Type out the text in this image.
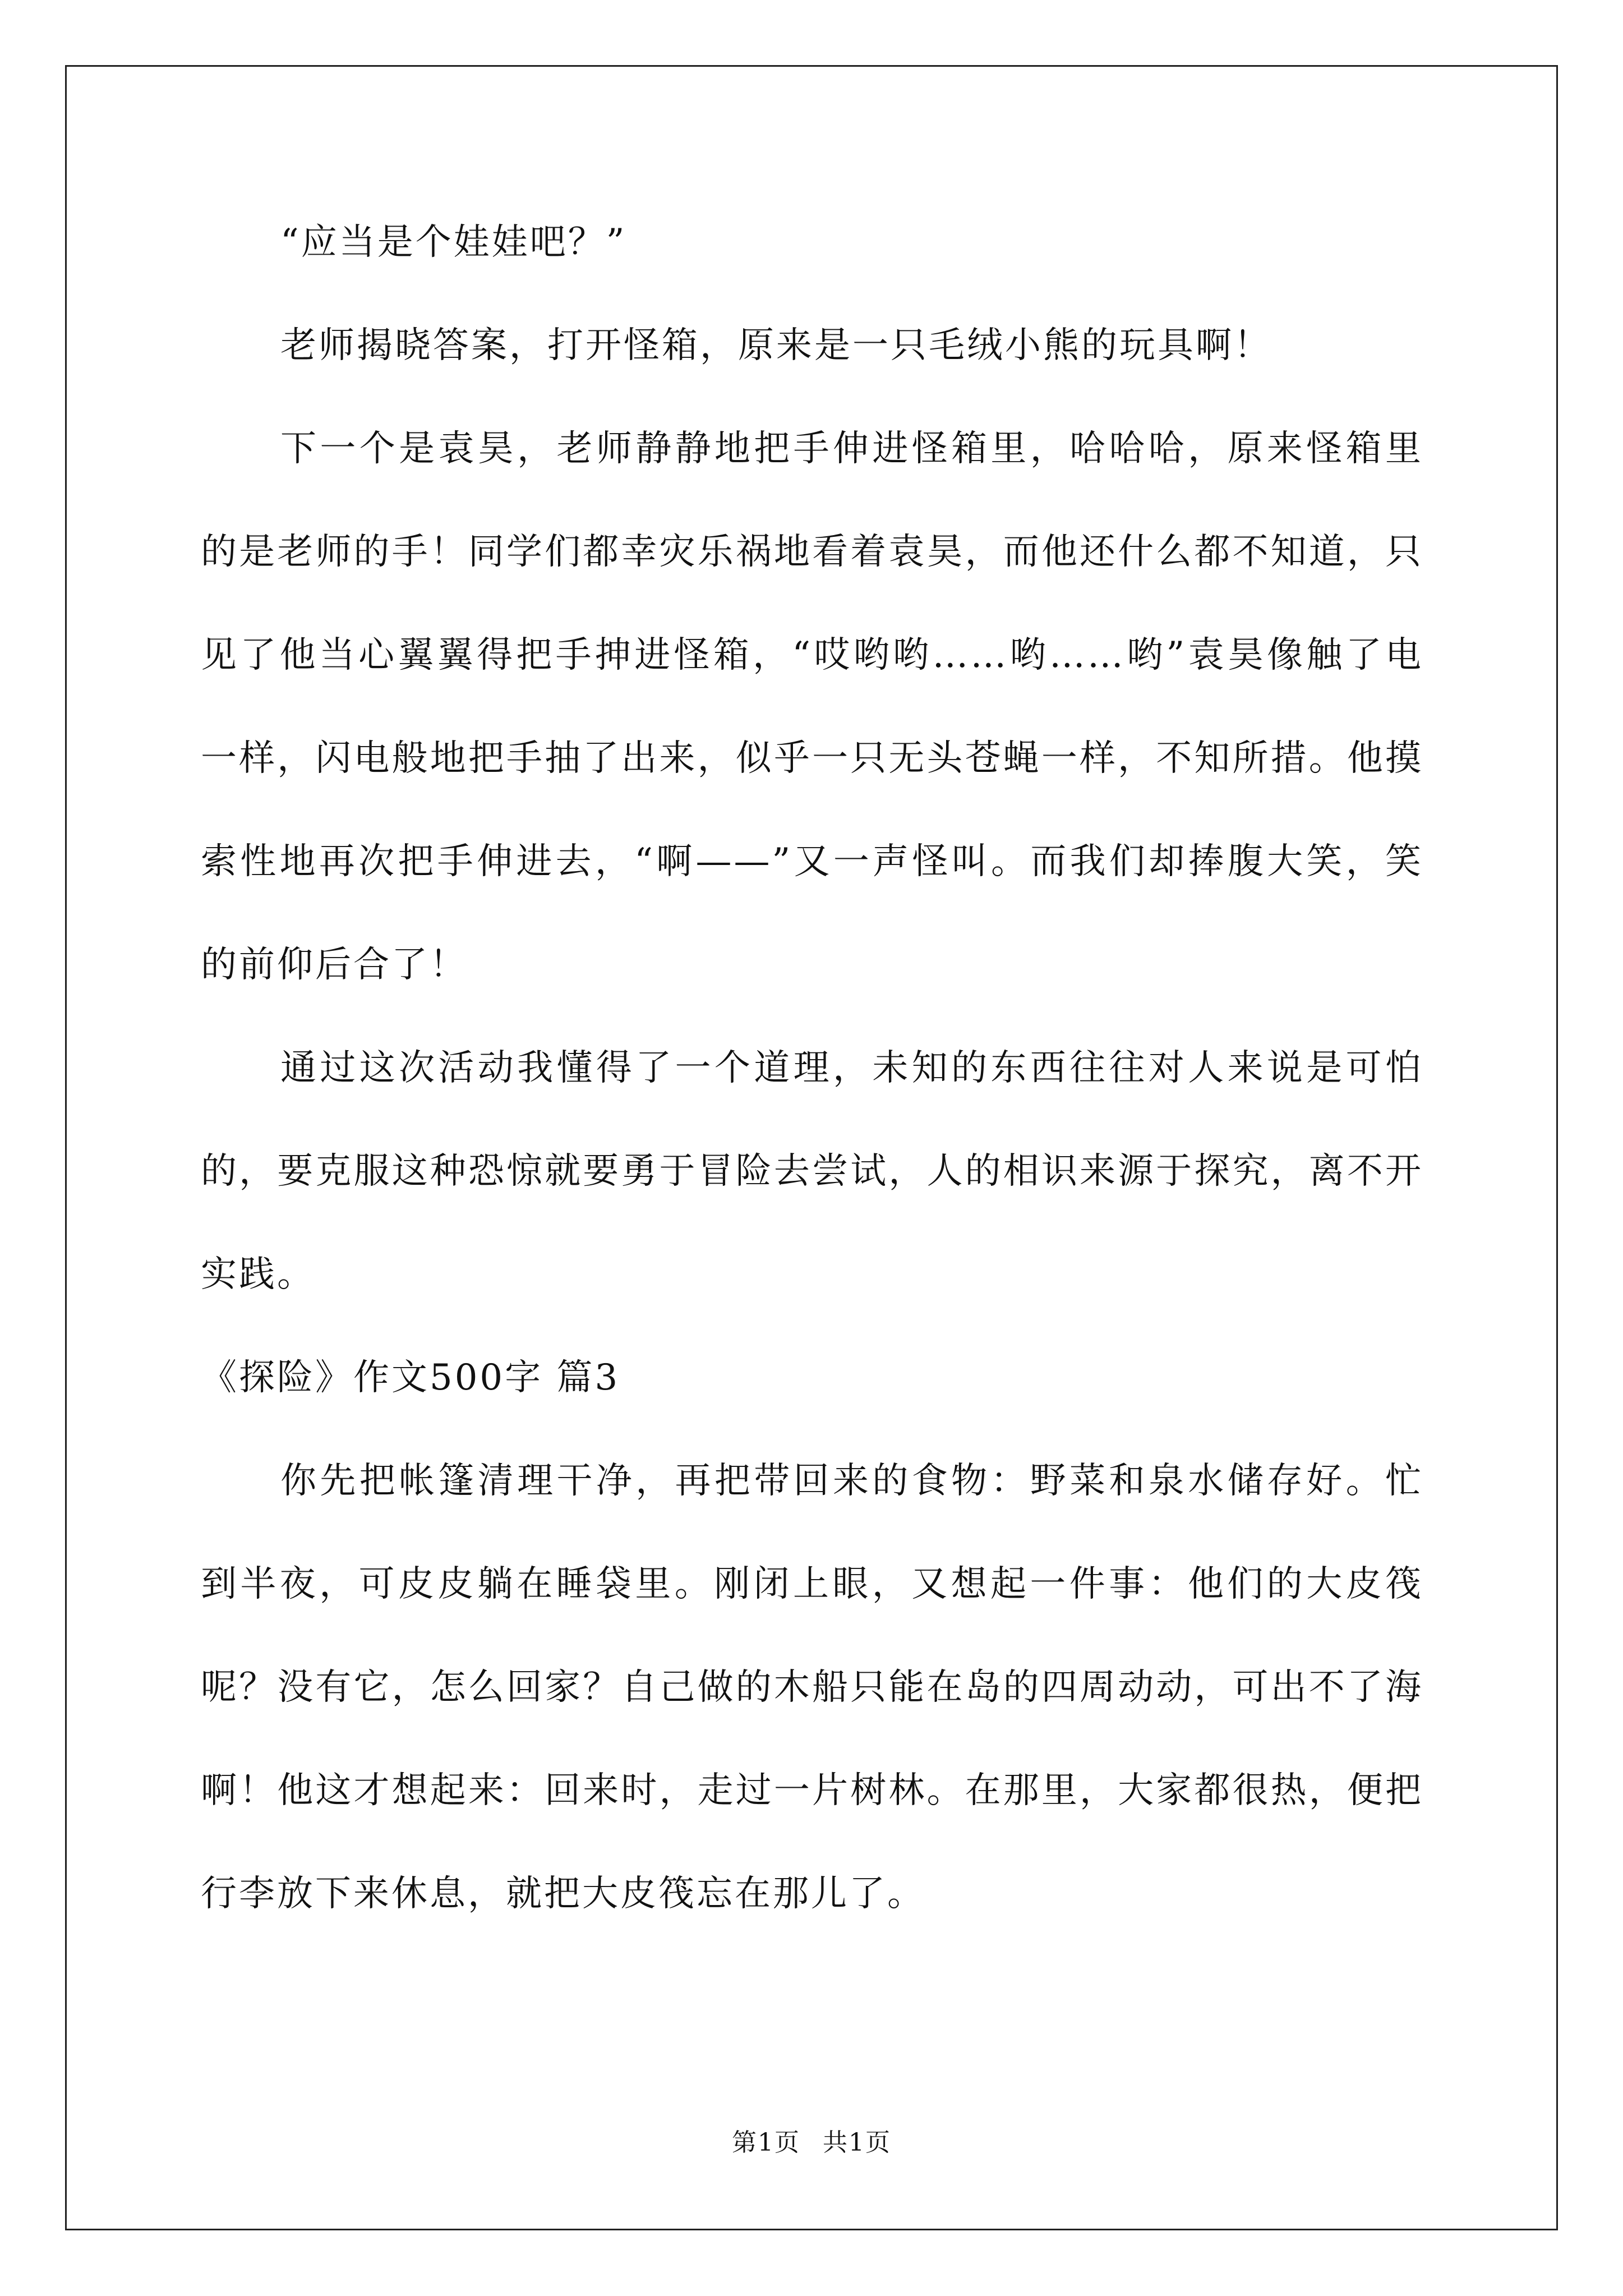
“应当是个娃娃吧？”

老师揭晓答案，打开怪箱，原来是一只毛绒小熊的玩具啊！

下一个是袁昊，老师静静地把手伸进怪箱里，哈哈哈，原来怪箱里的是老师的手！同学们都幸灾乐祸地看着袁昊，而他还什么都不知道，只见了他当心翼翼得把手抻进怪箱，“哎哟哟……哟……哟”袁昊像触了电一样，闪电般地把手抽了出来，似乎一只无头苍蝇一样，不知所措。他摸索性地再次把手伸进去，“啊——”又一声怪叫。而我们却捧腹大笑，笑的前仰后合了！

通过这次活动我懂得了一个道理，未知的东西往往对人来说是可怕的，要克服这种恐惊就要勇于冒险去尝试，人的相识来源于探究，离不开实践。

《探险》作文500字 篇3

你先把帐篷清理干净，再把带回来的食物：野菜和泉水储存好。忙到半夜，可皮皮躺在睡袋里。刚闭上眼，又想起一件事：他们的大皮筏呢？没有它，怎么回家？自己做的木船只能在岛的四周动动，可出不了海啊！他这才想起来：回来时，走过一片树林。在那里，大家都很热，便把行李放下来休息，就把大皮筏忘在那儿了。

第1页 共1页
